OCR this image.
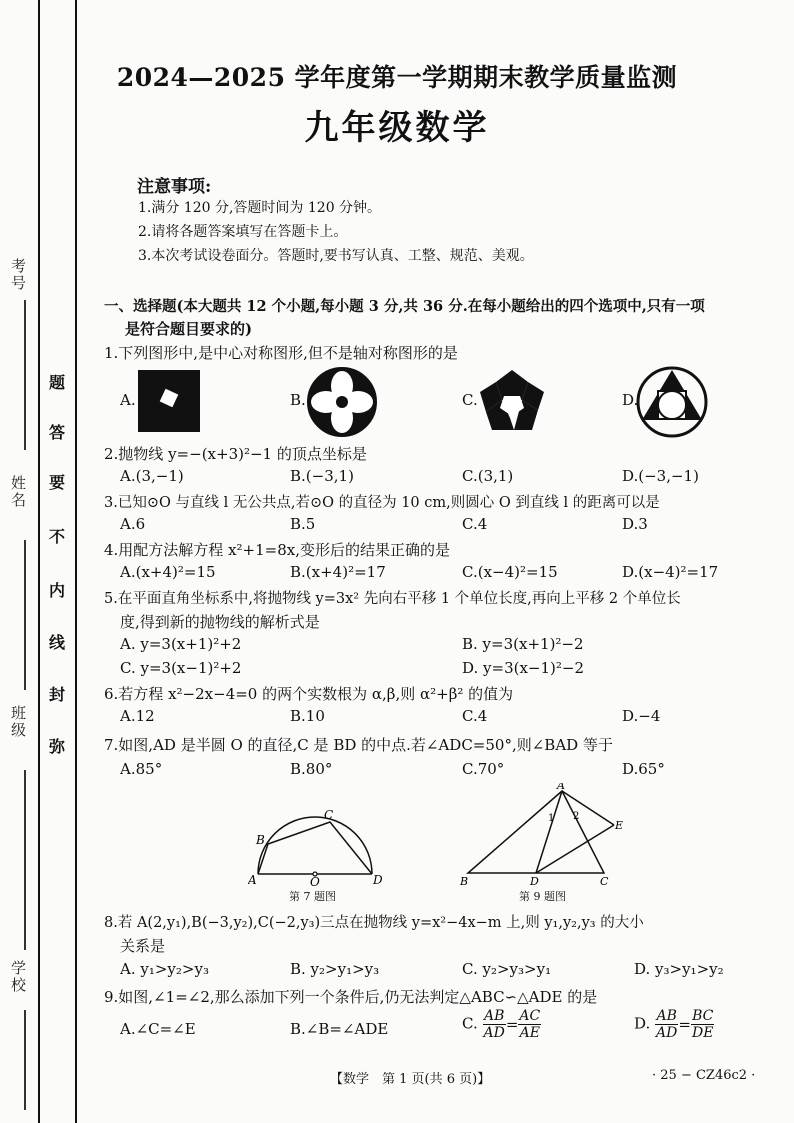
考号
姓名
班级
学校
题
答
要
不
内
线
封
弥
2024—2025 学年度第一学期期末教学质量监测
九年级数学
注意事项:
1.满分 120 分,答题时间为 120 分钟。
2.请将各题答案填写在答题卡上。
3.本次考试设卷面分。答题时,要书写认真、工整、规范、美观。
一、选择题(本大题共 12 个小题,每小题 3 分,共 36 分.在每小题给出的四个选项中,只有一项
是符合题目要求的)
1.下列图形中,是中心对称图形,但不是轴对称图形的是
A.	B.	C.	D.
2.抛物线 y=−(x+3)²−1 的顶点坐标是
A.(3,−1)	B.(−3,1)	C.(3,1)	D.(−3,−1)
3.已知⊙O 与直线 l 无公共点,若⊙O 的直径为 10 cm,则圆心 O 到直线 l 的距离可以是
A.6	B.5	C.4	D.3
4.用配方法解方程 x²+1=8x,变形后的结果正确的是
A.(x+4)²=15	B.(x+4)²=17	C.(x−4)²=15	D.(x−4)²=17
5.在平面直角坐标系中,将抛物线 y=3x² 先向右平移 1 个单位长度,再向上平移 2 个单位长
度,得到新的抛物线的解析式是
A. y=3(x+1)²+2	B. y=3(x+1)²−2
C. y=3(x−1)²+2	D. y=3(x−1)²−2
6.若方程 x²−2x−4=0 的两个实数根为 α,β,则 α²+β² 的值为
A.12	B.10	C.4	D.−4
7.如图,AD 是半圆 O 的直径,C 是 BD 的中点.若∠ADC=50°,则∠BAD 等于
A.85°	B.80°	C.70°	D.65°
A
B
C
O	D
第 7 题图
A
B	D	C
E
1 2
第 9 题图
8.若 A(2,y₁),B(−3,y₂),C(−2,y₃)三点在抛物线 y=x²−4x−m 上,则 y₁,y₂,y₃ 的大小
关系是
A. y₁>y₂>y₃	B. y₂>y₁>y₃	C. y₂>y₃>y₁	D. y₃>y₁>y₂
9.如图,∠1=∠2,那么添加下列一个条件后,仍无法判定△ABC∽△ADE 的是
A.∠C=∠E	B.∠B=∠ADE	C. $\frac{AB}{AD} = \frac{AC}{AE}$	D. $\frac{AB}{AD} = \frac{BC}{DE}$
【数学　第 1 页(共 6 页)】	· 25 − CZ46c2 ·
